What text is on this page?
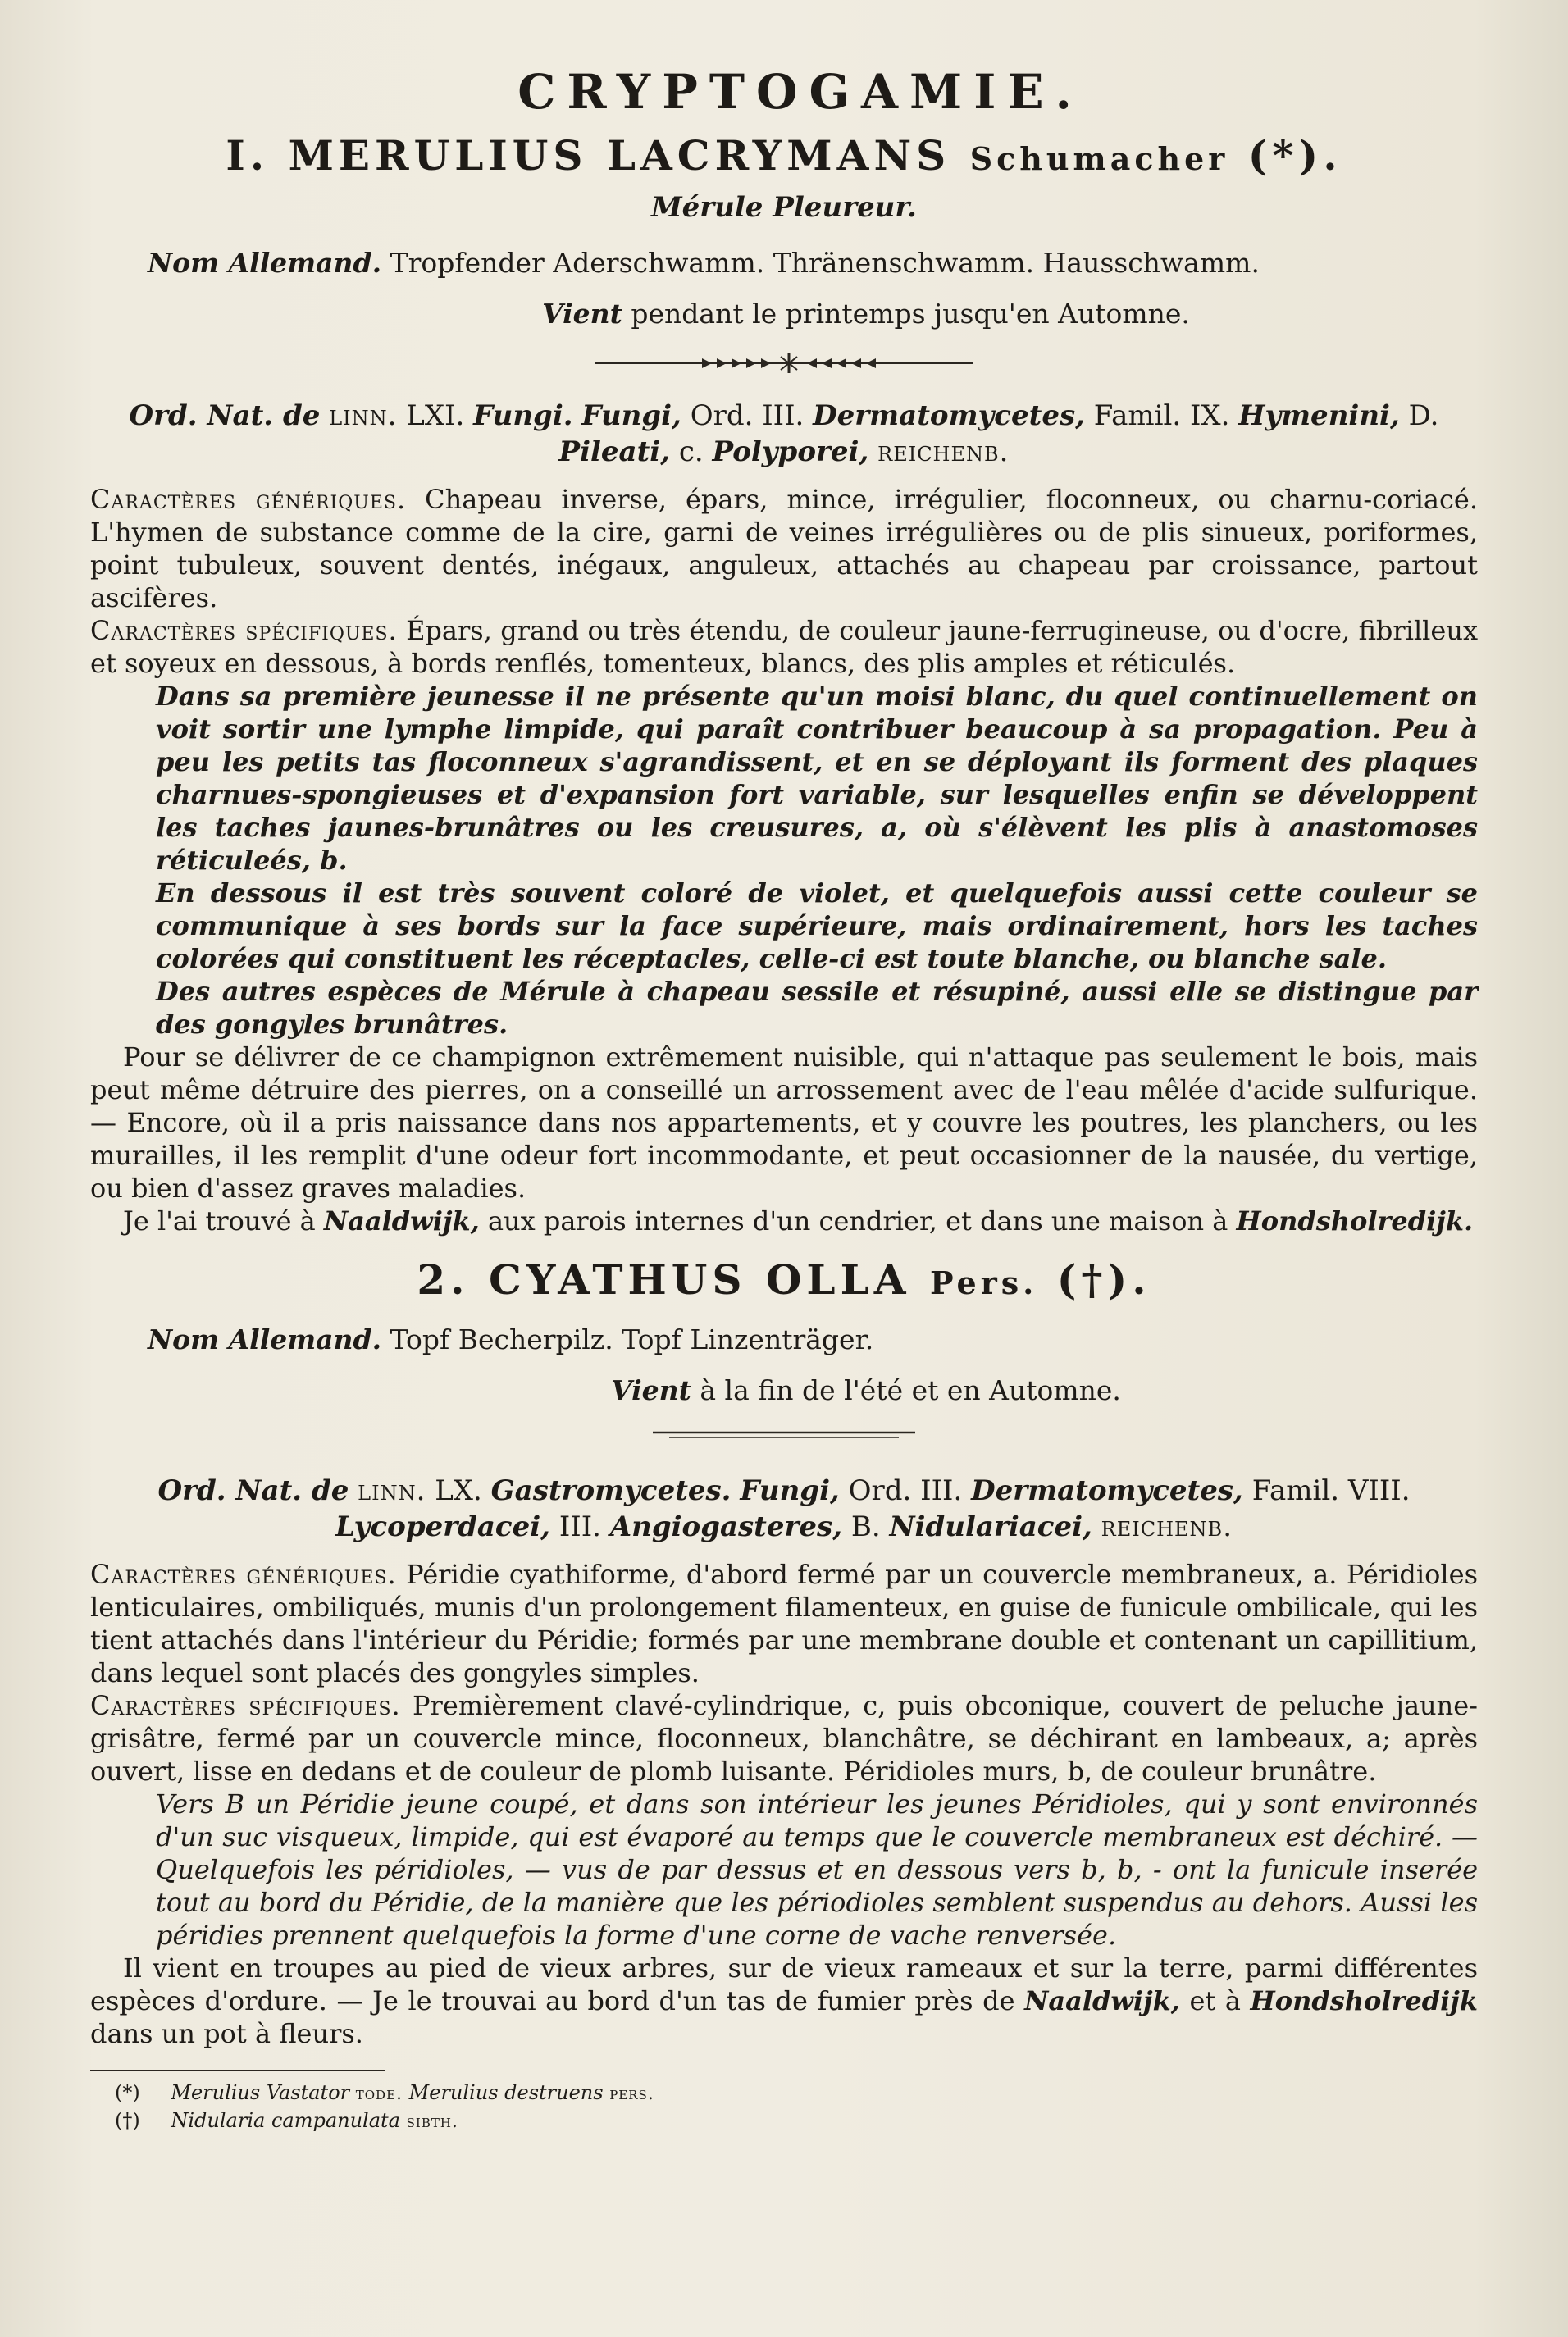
CRYPTOGAMIE.
I. MERULIUS LACRYMANS Schumacher (*).
Mérule Pleureur.
Nom Allemand. Tropfender Aderschwamm. Thränenschwamm. Hausschwamm.
Vient pendant le printemps jusqu'en Automne.
Ord. Nat. de linn. LXI. Fungi. Fungi, Ord. III. Dermatomycetes, Famil. IX. Hymenini, D.
Pileati, c. Polyporei, reichenb.

Caractères génériques. Chapeau inverse, épars, mince, irrégulier, floconneux, ou charnu-coriacé. L'hymen de substance comme de la cire, garni de veines irrégulières ou de plis sinueux, poriformes, point tubuleux, souvent dentés, inégaux, anguleux, attachés au chapeau par croissance, partout ascifères.

Caractères spécifiques. Épars, grand ou très étendu, de couleur jaune-ferrugineuse, ou d'ocre, fibrilleux et soyeux en dessous, à bords renflés, tomenteux, blancs, des plis amples et réticulés.

Dans sa première jeunesse il ne présente qu'un moisi blanc, du quel continuellement on voit sortir une lymphe limpide, qui paraît contribuer beaucoup à sa propagation. Peu à peu les petits tas floconneux s'agrandissent, et en se déployant ils forment des plaques charnues-spongieuses et d'expansion fort variable, sur lesquelles enfin se développent les taches jaunes-brunâtres ou les creusures, a, où s'élèvent les plis à anastomoses réticuleés, b.

En dessous il est très souvent coloré de violet, et quelquefois aussi cette couleur se communique à ses bords sur la face supérieure, mais ordinairement, hors les taches colorées qui constituent les réceptacles, celle-ci est toute blanche, ou blanche sale.

Des autres espèces de Mérule à chapeau sessile et résupiné, aussi elle se distingue par des gongyles brunâtres.

Pour se délivrer de ce champignon extrêmement nuisible, qui n'attaque pas seulement le bois, mais peut même détruire des pierres, on a conseillé un arrossement avec de l'eau mêlée d'acide sulfurique. — Encore, où il a pris naissance dans nos appartements, et y couvre les poutres, les planchers, ou les murailles, il les remplit d'une odeur fort incommodante, et peut occasionner de la nausée, du vertige, ou bien d'assez graves maladies.

Je l'ai trouvé à Naaldwijk, aux parois internes d'un cendrier, et dans une maison à Hondsholredijk.

2. CYATHUS OLLA Pers. (†).
Nom Allemand. Topf Becherpilz. Topf Linzenträger.
Vient à la fin de l'été et en Automne.
Ord. Nat. de linn. LX. Gastromycetes. Fungi, Ord. III. Dermatomycetes, Famil. VIII.
Lycoperdacei, III. Angiogasteres, B. Nidulariacei, reichenb.

Caractères génériques. Péridie cyathiforme, d'abord fermé par un couvercle membraneux, a. Péridioles lenticulaires, ombiliqués, munis d'un prolongement filamenteux, en guise de funicule ombilicale, qui les tient attachés dans l'intérieur du Péridie; formés par une membrane double et contenant un capillitium, dans lequel sont placés des gongyles simples.

Caractères spécifiques. Premièrement clavé-cylindrique, c, puis obconique, couvert de peluche jaune-grisâtre, fermé par un couvercle mince, floconneux, blanchâtre, se déchirant en lambeaux, a; après ouvert, lisse en dedans et de couleur de plomb luisante. Péridioles murs, b, de couleur brunâtre.

Vers B un Péridie jeune coupé, et dans son intérieur les jeunes Péridioles, qui y sont environnés d'un suc visqueux, limpide, qui est évaporé au temps que le couvercle membraneux est déchiré. — Quelquefois les péridioles, — vus de par dessus et en dessous vers b, b, - ont la funicule inserée tout au bord du Péridie, de la manière que les périodioles semblent suspendus au dehors. Aussi les péridies prennent quelquefois la forme d'une corne de vache renversée.

Il vient en troupes au pied de vieux arbres, sur de vieux rameaux et sur la terre, parmi différentes espèces d'ordure. — Je le trouvai au bord d'un tas de fumier près de Naaldwijk, et à Hondsholredijk dans un pot à fleurs.

(*) Merulius Vastator tode. Merulius destruens pers.

(†) Nidularia campanulata sibth.
